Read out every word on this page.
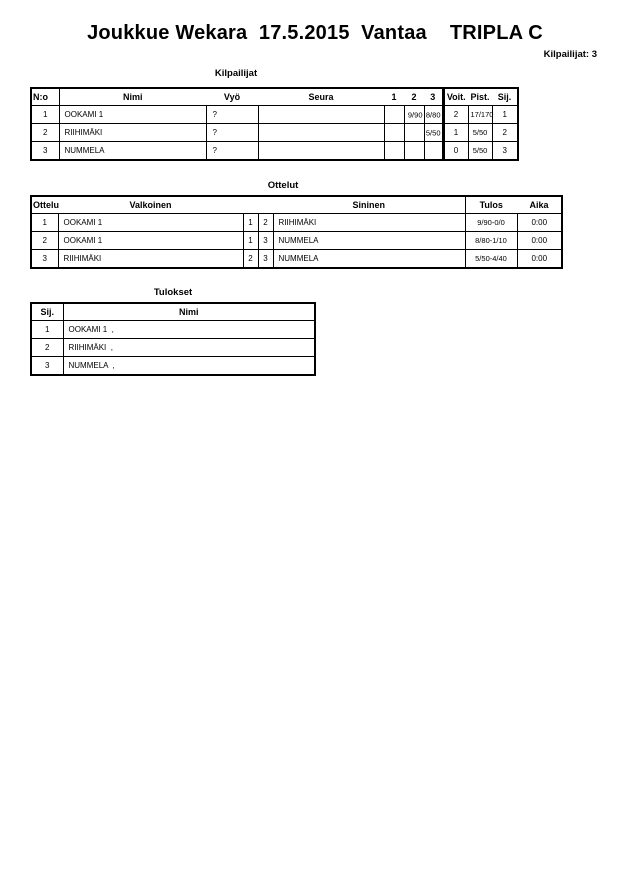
Joukkue Wekara  17.5.2015  Vantaa    TRIPLA C
Kilpailijat: 3
Kilpailijat
N:o	Nimi	Vyö	Seura	1	2	3	Voit.	Pist.	Sij.
1	OOKAMI 1	?			9/90	8/80	2	17/170	1
2	RIIHIMÄKI	?				5/50	1	5/50	2
3	NUMMELA	?					0	5/50	3
Ottelut
Ottelu	Valkoinen			Sininen	Tulos	Aika
1	OOKAMI 1	1	2	RIIHIMÄKI	9/90-0/0	0:00
2	OOKAMI 1	1	3	NUMMELA	8/80-1/10	0:00
3	RIIHIMÄKI	2	3	NUMMELA	5/50-4/40	0:00
Tulokset
Sij.	Nimi
1	OOKAMI 1  ,
2	RIIHIMÄKI  ,
3	NUMMELA  ,
